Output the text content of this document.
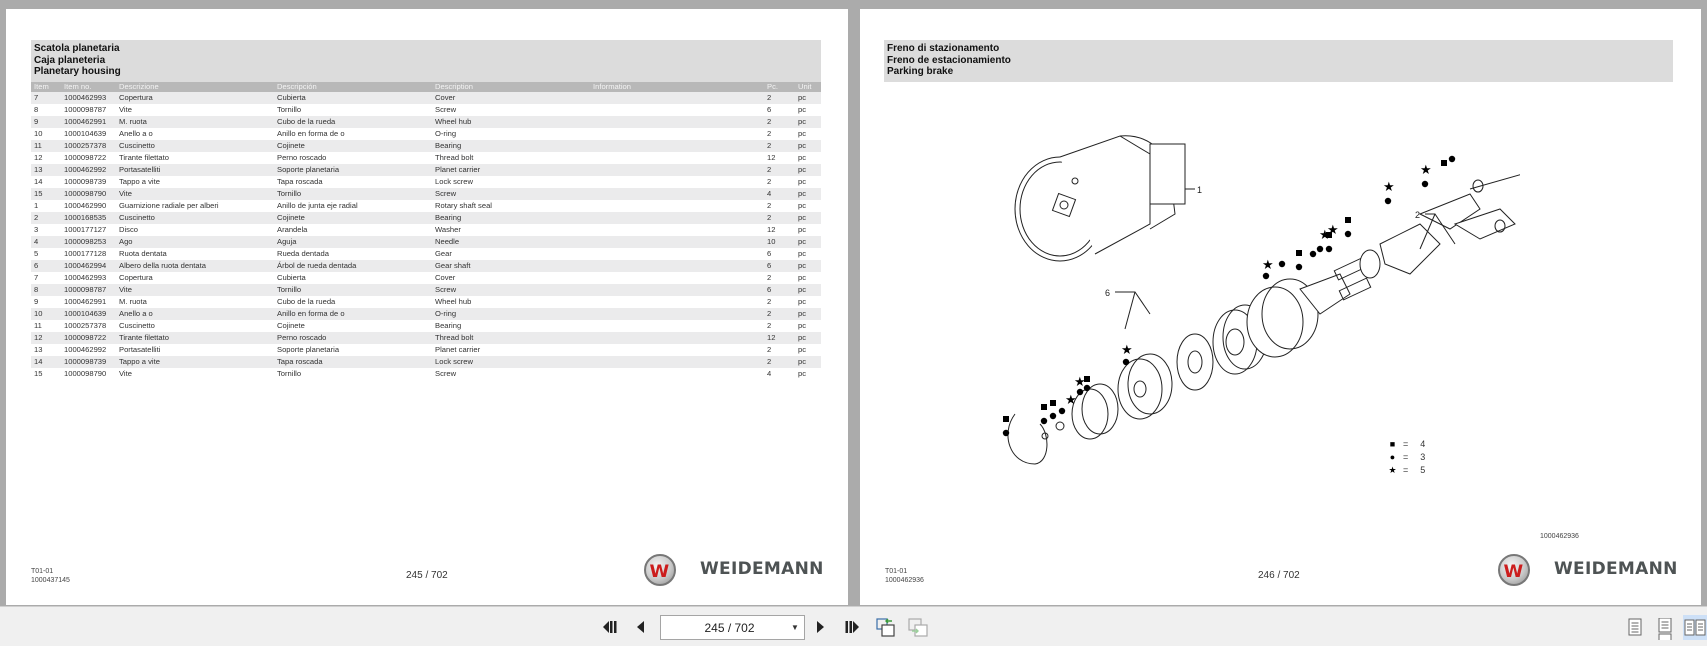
Scatola planetaria
Caja planeteria
Planetary housing
Item	Item no.	Descrizione	Descripción	Description	Information	Pc.	Unit
7	1000462993	Copertura	Cubierta	Cover		2	pc
8	1000098787	Vite	Tornillo	Screw		6	pc
9	1000462991	M. ruota	Cubo de la rueda	Wheel hub		2	pc
10	1000104639	Anello a o	Anillo en forma de o	O-ring		2	pc
11	1000257378	Cuscinetto	Cojinete	Bearing		2	pc
12	1000098722	Tirante filettato	Perno roscado	Thread bolt		12	pc
13	1000462992	Portasatelliti	Soporte planetaria	Planet carrier		2	pc
14	1000098739	Tappo a vite	Tapa roscada	Lock screw		2	pc
15	1000098790	Vite	Tornillo	Screw		4	pc
1	1000462990	Guarnizione radiale per alberi	Anillo de junta eje radial	Rotary shaft seal		2	pc
2	1000168535	Cuscinetto	Cojinete	Bearing		2	pc
3	1000177127	Disco	Arandela	Washer		12	pc
4	1000098253	Ago	Aguja	Needle		10	pc
5	1000177128	Ruota dentata	Rueda dentada	Gear		6	pc
6	1000462994	Albero della ruota dentata	Árbol de rueda dentada	Gear shaft		6	pc
7	1000462993	Copertura	Cubierta	Cover		2	pc
8	1000098787	Vite	Tornillo	Screw		6	pc
9	1000462991	M. ruota	Cubo de la rueda	Wheel hub		2	pc
10	1000104639	Anello a o	Anillo en forma de o	O-ring		2	pc
11	1000257378	Cuscinetto	Cojinete	Bearing		2	pc
12	1000098722	Tirante filettato	Perno roscado	Thread bolt		12	pc
13	1000462992	Portasatelliti	Soporte planetaria	Planet carrier		2	pc
14	1000098739	Tappo a vite	Tapa roscada	Lock screw		2	pc
15	1000098790	Vite	Tornillo	Screw		4	pc
T01-01
1000437145	245 / 702	W WEIDEMANN
Freno di stazionamento
Freno de estacionamiento
Parking brake
1
6
2
★
★
★
★
★
★
★
★
■ = 4
● = 3
★ = 5
1000462936
T01-01
1000462936	246 / 702	W WEIDEMANN
245 / 702	▼
